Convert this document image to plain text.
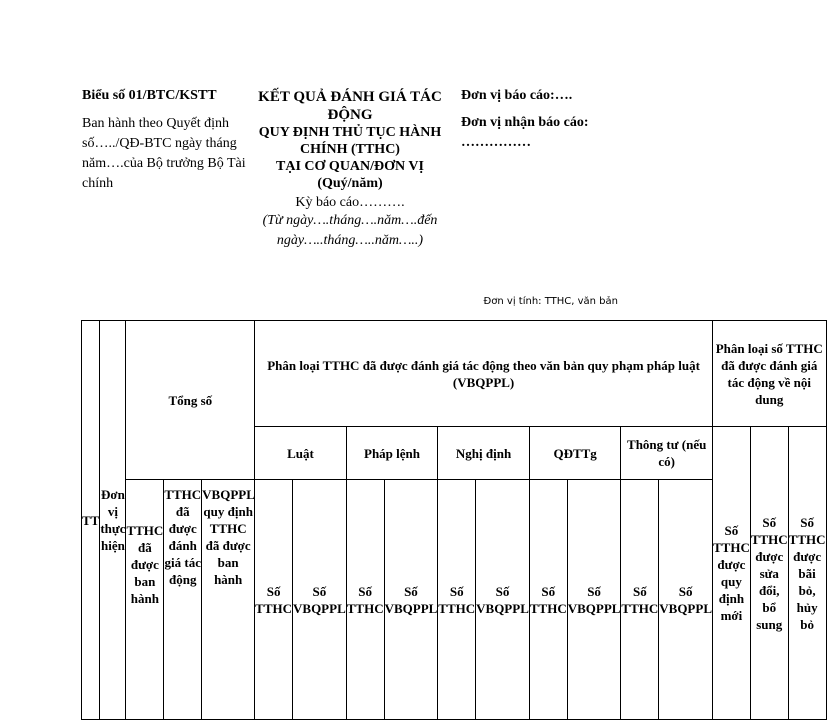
Biểu số 01/BTC/KSTT
Ban hành theo Quyết định số…../QĐ-BTC ngày tháng năm….của Bộ trưởng Bộ Tài chính
KẾT QUẢ ĐÁNH GIÁ TÁC ĐỘNG
QUY ĐỊNH THỦ TỤC HÀNH CHÍNH (TTHC)
TẠI CƠ QUAN/ĐƠN VỊ
(Quý/năm)
Kỳ báo cáo……….
(Từ ngày….tháng….năm….đến ngày…..tháng…..năm…..)
Đơn vị báo cáo:….
Đơn vị nhận báo cáo: ……………
Đơn vị tính: TTHC, văn bản
TT	Đơn vị thực hiện	Tổng số			Phân loại TTHC đã được đánh giá tác động theo văn bản quy phạm pháp luật (VBQPPL)										Phân loại số TTHC đã được đánh giá tác động về nội dung		
					Luật		Pháp lệnh		Nghị định		QĐTTg		Thông tư (nếu có)		Số TTHC được quy định mới	Số TTHC được sửa đổi, bổ sung	Số TTHC được bãi bỏ, hủy bỏ
		TTHC đã được ban hành	TTHC đã được đánh giá tác động	VBQPPL quy định TTHC đã được ban hành	Số TTHC	Số VBQPPL	Số TTHC	Số VBQPPL	Số TTHC	Số VBQPPL	Số TTHC	Số VBQPPL	Số TTHC	Số VBQPPL			
